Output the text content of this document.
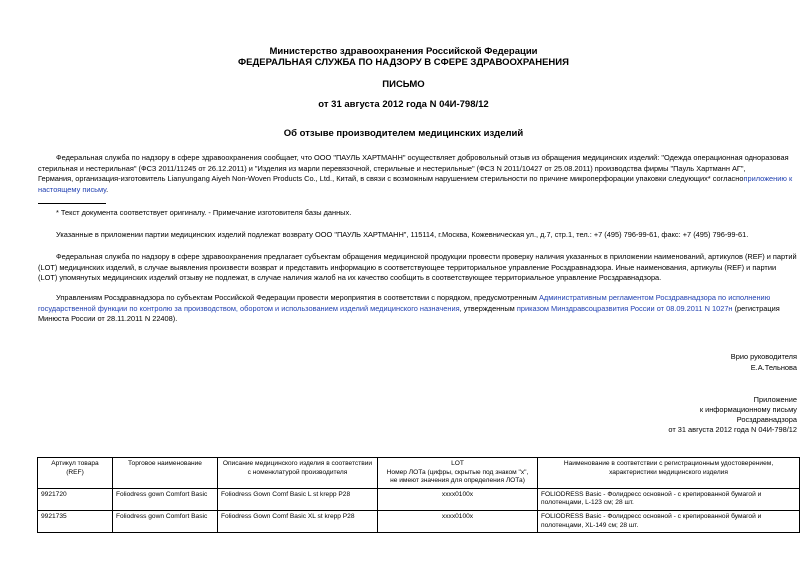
Министерство здравоохранения Российской Федерации
ФЕДЕРАЛЬНАЯ СЛУЖБА ПО НАДЗОРУ В СФЕРЕ ЗДРАВООХРАНЕНИЯ
ПИСЬМО
от 31 августа 2012 года N 04И-798/12
Об отзыве производителем медицинских изделий
Федеральная служба по надзору в сфере здравоохранения сообщает, что ООО "ПАУЛЬ ХАРТМАНН" осуществляет добровольный отзыв из обращения медицинских изделий: "Одежда операционная одноразовая
стерильная и нестерильная" (ФСЗ 2011/11245 от 26.12.2011) и "Изделия из марли перевязочной, стерильные и нестерильные" (ФСЗ N 2011/10427 от 25.08.2011) производства фирмы "Пауль Хартманн АГ",
Германия, организация-изготовитель Lianyungang Aiyeh Non-Woven Products Co., Ltd., Китай, в связи с возможным нарушением стерильности по причине микроперфорации упаковки следующих* согласноприложению к
настоящему письму.
* Текст документа соответствует оригиналу. - Примечание изготовителя базы данных.
Указанные в приложении партии медицинских изделий подлежат возврату ООО "ПАУЛЬ ХАРТМАНН", 115114, г.Москва, Кожевническая ул., д.7, стр.1, тел.: +7 (495) 796-99-61, факс: +7 (495) 796-99-61.
Федеральная служба по надзору в сфере здравоохранения предлагает субъектам обращения медицинской продукции провести проверку наличия указанных в приложении наименований, артикулов (REF) и партий
(LOT) медицинских изделий, в случае выявления произвести возврат и представить информацию в соответствующее территориальное управление Росздравнадзора. Иные наименования, артикулы (REF) и партии
(LOT) упомянутых медицинских изделий отзыву не подлежат, в случае наличия жалоб на их качество сообщить в соответствующее территориальное управление Росздравнадзора.
Управлениям Росздравнадзора по субъектам Российской Федерации провести мероприятия в соответствии с порядком, предусмотренным Административным регламентом Росздравнадзора по исполнению
государственной функции по контролю за производством, оборотом и использованием изделий медицинского назначения, утвержденным приказом Минздравсоцразвития России от 08.09.2011 N 1027н (регистрация
Минюста России от 28.11.2011 N 22408).
Врио руководителя
Е.А.Тельнова
Приложение
к информационному письму
Росздравнадзора
от 31 августа 2012 года N 04И-798/12
Артикул товара
(REF)	Торговое наименование	Описание медицинского изделия в соответствии
с номенклатурой производителя	LOT
Номер ЛОТа (цифры, скрытые под знаком "x",
не имеют значения для определения ЛОТа)	Наименование в соответствии с регистрационным удостоверением,
характеристики медицинского изделия
9921720	Foliodress gown Comfort Basic	Foliodress Gown Comf Basic L st krepp P28	xxxx0100x	FOLIODRESS Basic - Фолидресс основной - с крепированной бумагой и
полотенцами, L-123 см; 28 шт.
9921735	Foliodress gown Comfort Basic	Foliodress Gown Comf Basic XL st krepp P28	xxxx0100x	FOLIODRESS Basic - Фолидресс основной - с крепированной бумагой и
полотенцами, XL-149 см; 28 шт.
